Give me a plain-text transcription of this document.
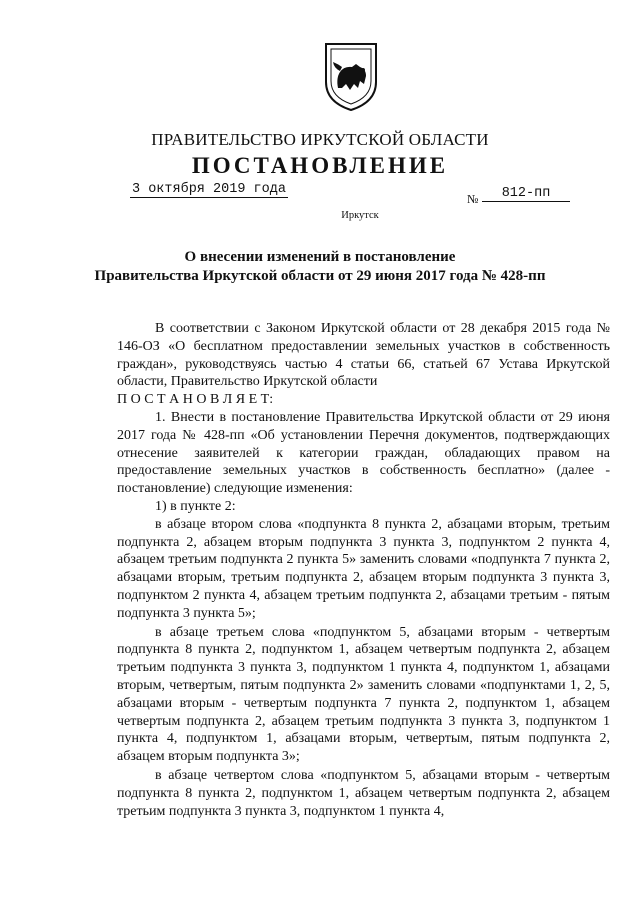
ПРАВИТЕЛЬСТВО ИРКУТСКОЙ ОБЛАСТИ
ПОСТАНОВЛЕНИЕ
3 октября 2019 года
№	812-пп
Иркутск
О внесении изменений в постановление
Правительства Иркутской области от 29 июня 2017 года № 428-пп

В соответствии с Законом Иркутской области от 28 декабря 2015 года № 146-ОЗ «О бесплатном предоставлении земельных участков в собственность граждан», руководствуясь частью 4 статьи 66, статьей 67 Устава Иркутской области, Правительство Иркутской области

П О С Т А Н О В Л Я Е Т:

1. Внести в постановление Правительства Иркутской области от 29 июня 2017 года № 428-пп «Об установлении Перечня документов, подтверждающих отнесение заявителей к категории граждан, обладающих правом на предоставление земельных участков в собственность бесплатно» (далее - постановление) следующие изменения:

1) в пункте 2:

в абзаце втором слова «подпункта 8 пункта 2, абзацами вторым, третьим подпункта 2, абзацем вторым подпункта 3 пункта 3, подпунктом 2 пункта 4, абзацем третьим подпункта 2 пункта 5» заменить словами «подпункта 7 пункта 2, абзацами вторым, третьим подпункта 2, абзацем вторым подпункта 3 пункта 3, подпунктом 2 пункта 4, абзацем третьим подпункта 2, абзацами третьим - пятым подпункта 3 пункта 5»;

в абзаце третьем слова «подпунктом 5, абзацами вторым - четвертым подпункта 8 пункта 2, подпунктом 1, абзацем четвертым подпункта 2, абзацем третьим подпункта 3 пункта 3, подпунктом 1 пункта 4, подпунктом 1, абзацами вторым, четвертым, пятым подпункта 2» заменить словами «подпунктами 1, 2, 5, абзацами вторым - четвертым подпункта 7 пункта 2, подпунктом 1, абзацем четвертым подпункта 2, абзацем третьим подпункта 3 пункта 3, подпунктом 1 пункта 4, подпунктом 1, абзацами вторым, четвертым, пятым подпункта 2, абзацем вторым подпункта 3»;

в абзаце четвертом слова «подпунктом 5, абзацами вторым - четвертым подпункта 8 пункта 2, подпунктом 1, абзацем четвертым подпункта 2, абзацем третьим подпункта 3 пункта 3, подпунктом 1 пункта 4,
